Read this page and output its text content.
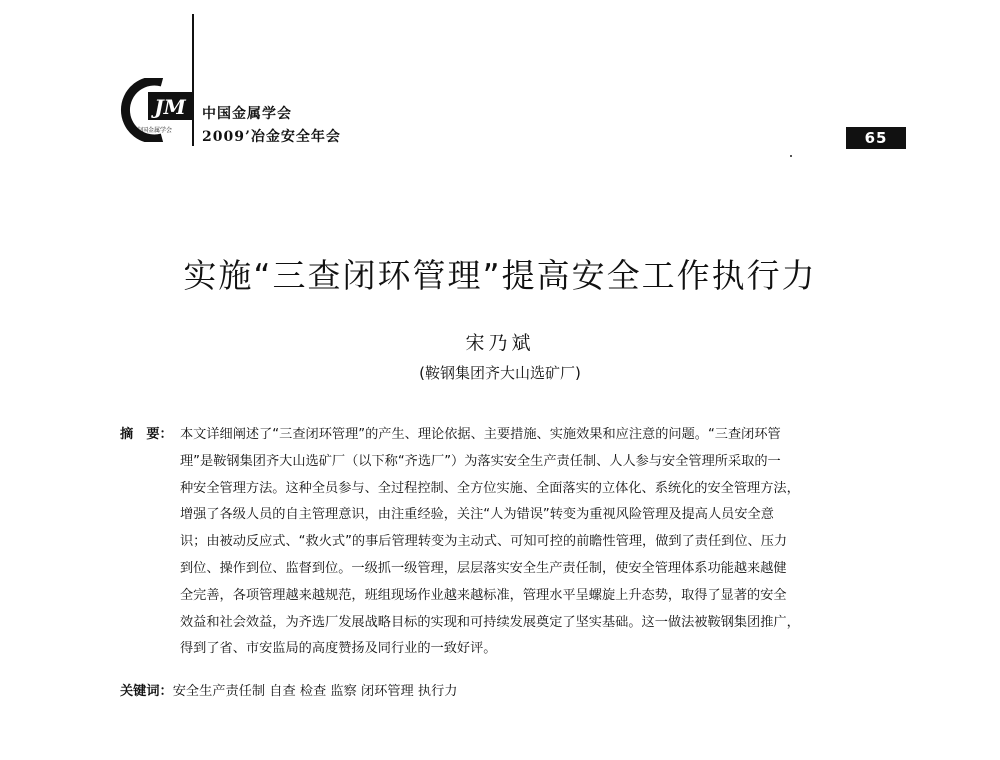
JM
中国金属学会
中国金属学会
2009’冶金安全年会	65
实施“三查闭环管理”提高安全工作执行力
宋乃斌
(鞍钢集团齐大山选矿厂)
摘　要： 本文详细阐述了“三查闭环管理”的产生、理论依据、主要措施、实施效果和应注意的问题。“三查闭环管
理”是鞍钢集团齐大山选矿厂（以下称“齐选厂”）为落实安全生产责任制、人人参与安全管理所采取的一
种安全管理方法。这种全员参与、全过程控制、全方位实施、全面落实的立体化、系统化的安全管理方法，
增强了各级人员的自主管理意识，由注重经验，关注“人为错误”转变为重视风险管理及提高人员安全意
识；由被动反应式、“救火式”的事后管理转变为主动式、可知可控的前瞻性管理，做到了责任到位、压力
到位、操作到位、监督到位。一级抓一级管理，层层落实安全生产责任制，使安全管理体系功能越来越健
全完善，各项管理越来越规范，班组现场作业越来越标准，管理水平呈螺旋上升态势，取得了显著的安全
效益和社会效益，为齐选厂发展战略目标的实现和可持续发展奠定了坚实基础。这一做法被鞍钢集团推广，
得到了省、市安监局的高度赞扬及同行业的一致好评。
关键词：安全生产责任制 自查 检查 监察 闭环管理 执行力
